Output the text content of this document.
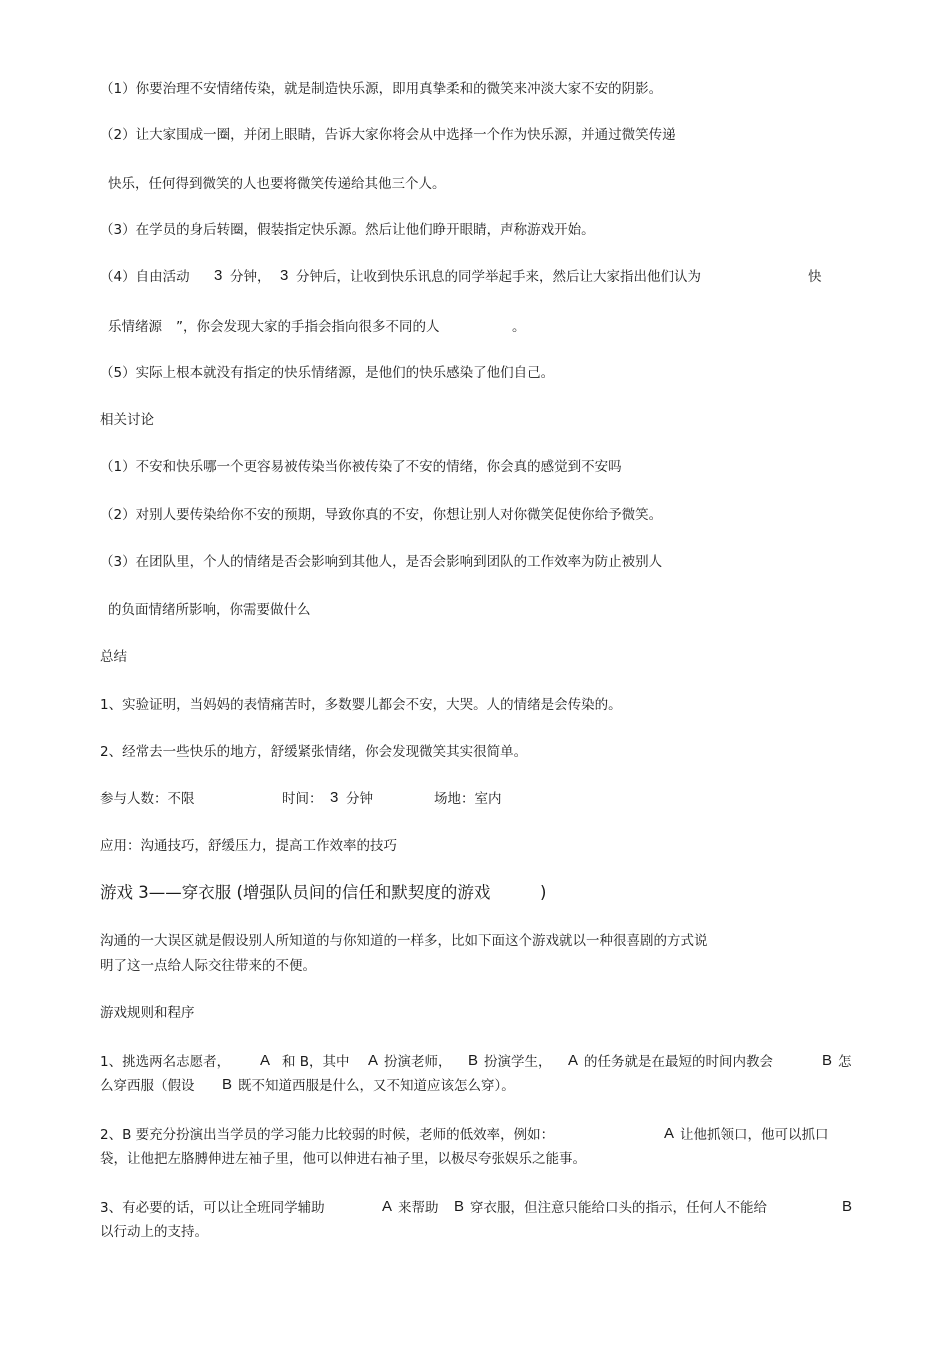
（1）你要治理不安情绪传染，就是制造快乐源，即用真挚柔和的微笑来冲淡大家不安的阴影。
（2）让大家围成一圈，并闭上眼睛，告诉大家你将会从中选择一个作为快乐源，并通过微笑传递
快乐，任何得到微笑的人也要将微笑传递给其他三个人。
（3）在学员的身后转圈，假装指定快乐源。然后让他们睁开眼睛，声称游戏开始。
（4）自由活动 3 分钟， 3 分钟后，让收到快乐讯息的同学举起手来，然后让大家指出他们认为	快
乐情绪源 ”，你会发现大家的手指会指向很多不同的人	。
（5）实际上根本就没有指定的快乐情绪源，是他们的快乐感染了他们自己。
相关讨论
（1）不安和快乐哪一个更容易被传染当你被传染了不安的情绪，你会真的感觉到不安吗
（2）对别人要传染给你不安的预期，导致你真的不安，你想让别人对你微笑促使你给予微笑。
（3）在团队里，个人的情绪是否会影响到其他人，是否会影响到团队的工作效率为防止被别人
的负面情绪所影响，你需要做什么
总结
1、实验证明，当妈妈的表情痛苦时，多数婴儿都会不安，大哭。人的情绪是会传染的。
2、经常去一些快乐的地方，舒缓紧张情绪，你会发现微笑其实很简单。
参与人数：不限	时间： 3 分钟	场地：室内
应用：沟通技巧，舒缓压力，提高工作效率的技巧
游戏 3——穿衣服 (增强队员间的信任和默契度的游戏	)
沟通的一大误区就是假设别人所知道的与你知道的一样多，比如下面这个游戏就以一种很喜剧的方式说
明了这一点给人际交往带来的不便。
游戏规则和程序
1、挑选两名志愿者， A 和 B，其中 A 扮演老师， B 扮演学生， A 的任务就是在最短的时间内教会	B 怎
么穿西服（假设 B 既不知道西服是什么，又不知道应该怎么穿）。
2、B 要充分扮演出当学员的学习能力比较弱的时候，老师的低效率，例如：	A 让他抓领口，他可以抓口
袋，让他把左胳膊伸进左袖子里，他可以伸进右袖子里，以极尽夸张娱乐之能事。
3、有必要的话，可以让全班同学辅助	A 来帮助 B 穿衣服，但注意只能给口头的指示，任何人不能给	B
以行动上的支持。
